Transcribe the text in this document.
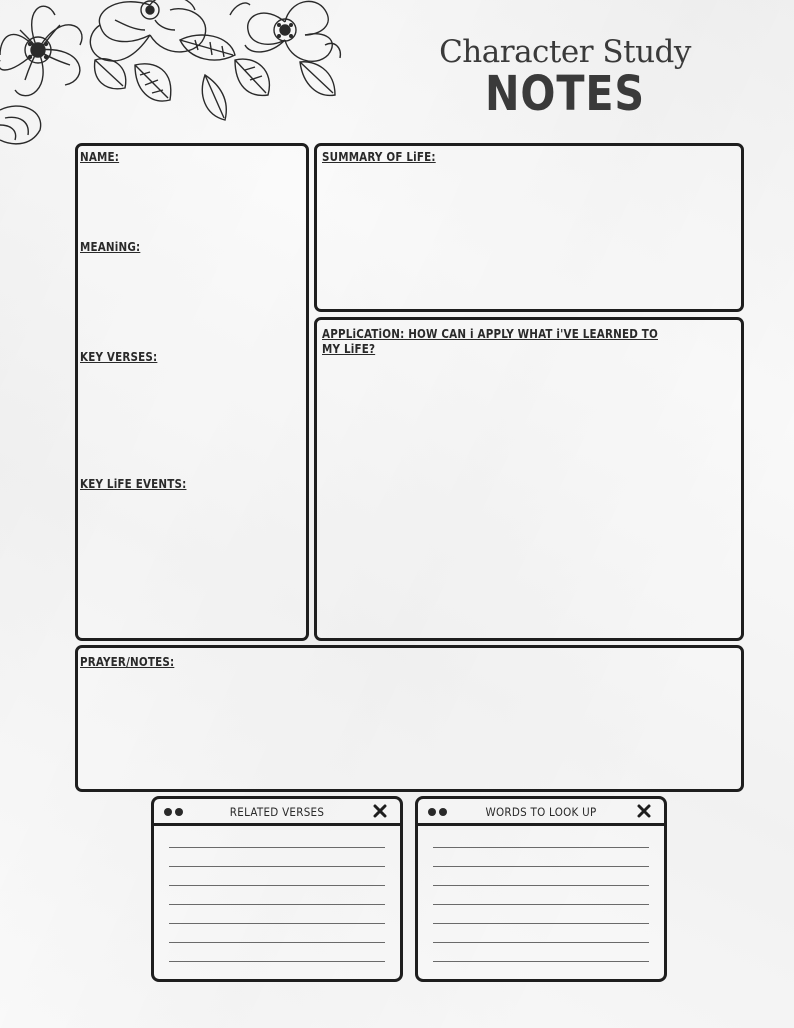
Character Study
NOTES
NAME:
MEANiNG:
KEY VERSES:
KEY LiFE EVENTS:
SUMMARY OF LiFE:
APPLiCATiON: HOW CAN i APPLY WHAT i'VE LEARNED TO
MY LiFE?
PRAYER/NOTES:
RELATED VERSES	WORDS TO LOOK UP
